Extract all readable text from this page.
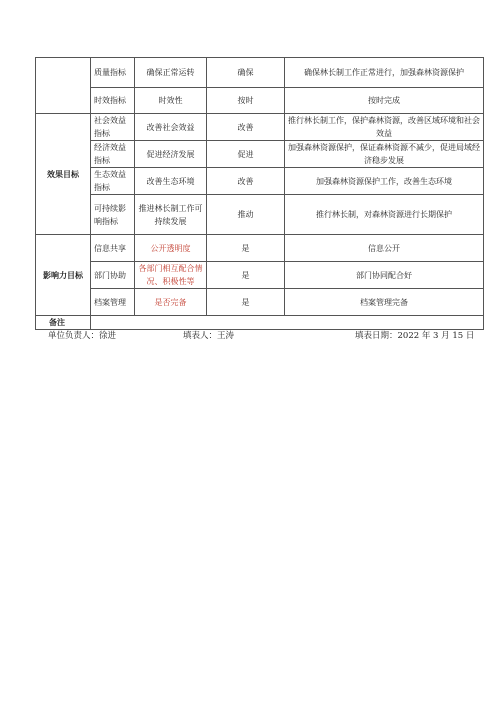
	质量指标	确保正常运转	确保	确保林长制工作正常进行，加强森林资源保护
	时效指标	时效性	按时	按时完成
效果目标	社会效益指标	改善社会效益	改善	推行林长制工作，保护森林资源，改善区域环境和社会效益
	经济效益指标	促进经济发展	促进	加强森林资源保护，保证森林资源不减少，促进局域经济稳步发展
	生态效益指标	改善生态环境	改善	加强森林资源保护工作，改善生态环境
	可持续影响指标	推进林长制工作可持续发展	推动	推行林长制，对森林资源进行长期保护
影响力目标	信息共享	公开透明度	是	信息公开
	部门协助	各部门相互配合情况、积极性等	是	部门协同配合好
	档案管理	是否完备	是	档案管理完备
备注				
单位负责人：徐进	填表人：王涛	填表日期：2022 年 3 月 15 日
